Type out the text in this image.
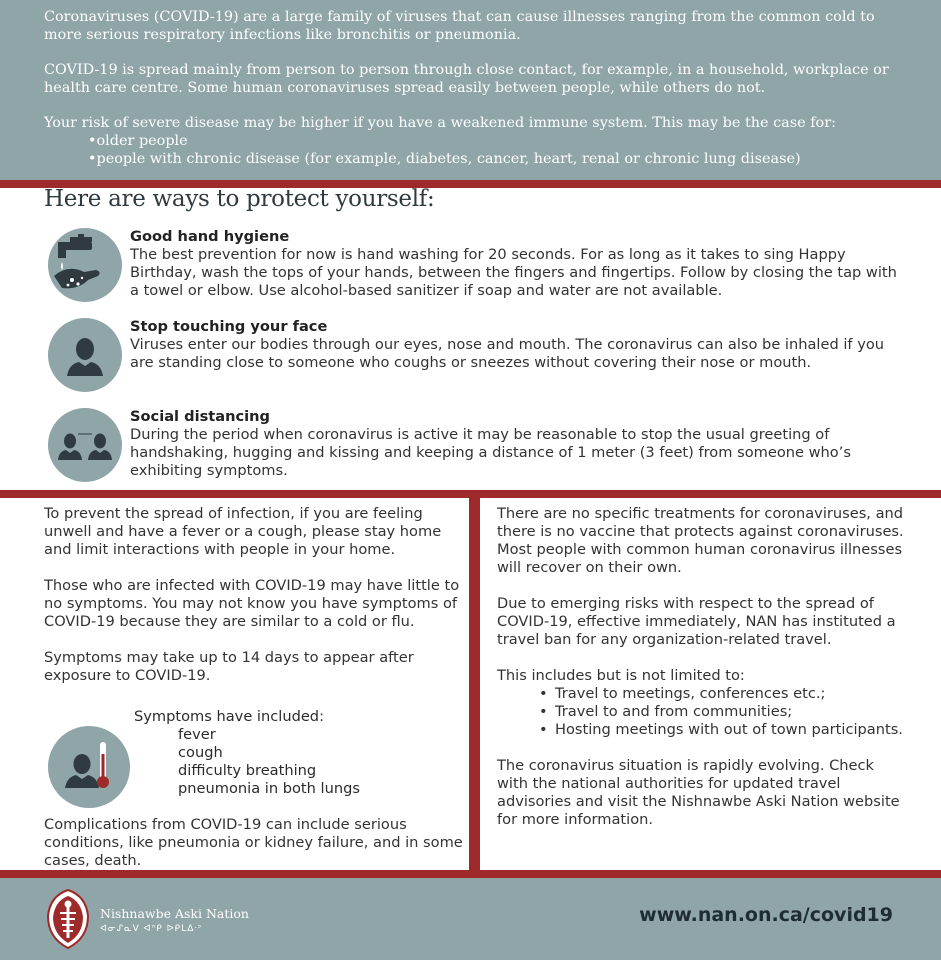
Coronaviruses (COVID-19) are a large family of viruses that can cause illnesses ranging from the common cold to more serious respiratory infections like bronchitis or pneumonia.

COVID-19 is spread mainly from person to person through close contact, for example, in a household, workplace or health care centre. Some human coronaviruses spread easily between people, while others do not.

Your risk of severe disease may be higher if you have a weakened immune system. This may be the case for:

• older people
• people with chronic disease (for example, diabetes, cancer, heart, renal or chronic lung disease)
Here are ways to protect yourself:
Good hand hygiene
The best prevention for now is hand washing for 20 seconds. For as long as it takes to sing Happy Birthday, wash the tops of your hands, between the fingers and fingertips. Follow by closing the tap with a towel or elbow. Use alcohol-based sanitizer if soap and water are not available.
Stop touching your face
Viruses enter our bodies through our eyes, nose and mouth. The coronavirus can also be inhaled if you are standing close to someone who coughs or sneezes without covering their nose or mouth.
Social distancing
During the period when coronavirus is active it may be reasonable to stop the usual greeting of handshaking, hugging and kissing and keeping a distance of 1 meter (3 feet) from someone who’s exhibiting symptoms.

To prevent the spread of infection, if you are feeling unwell and have a fever or a cough, please stay home and limit interactions with people in your home.

Those who are infected with COVID-19 may have little to no symptoms. You may not know you have symptoms of COVID-19 because they are similar to a cold or flu.

Symptoms may take up to 14 days to appear after exposure to COVID-19.

Symptoms have included:
fever
cough
difficulty breathing
pneumonia in both lungs
Complications from COVID-19 can include serious conditions, like pneumonia or kidney failure, and in some cases, death.

There are no specific treatments for coronaviruses, and there is no vaccine that protects against coronaviruses. Most people with common human coronavirus illnesses will recover on their own.

Due to emerging risks with respect to the spread of COVID-19, effective immediately, NAN has instituted a travel ban for any organization-related travel.

This includes but is not limited to:

• Travel to meetings, conferences etc.;
• Travel to and from communities;
• Hosting meetings with out of town participants.

The coronavirus situation is rapidly evolving. Check with the national authorities for updated travel advisories and visit the Nishnawbe Aski Nation website for more information.

Nishnawbe Aski Nation
ᐊᓂᔑᓇᐯ ᐊᐢᑭ ᐅᑭᒪᐃᐧᐣ
www.nan.on.ca/covid19
